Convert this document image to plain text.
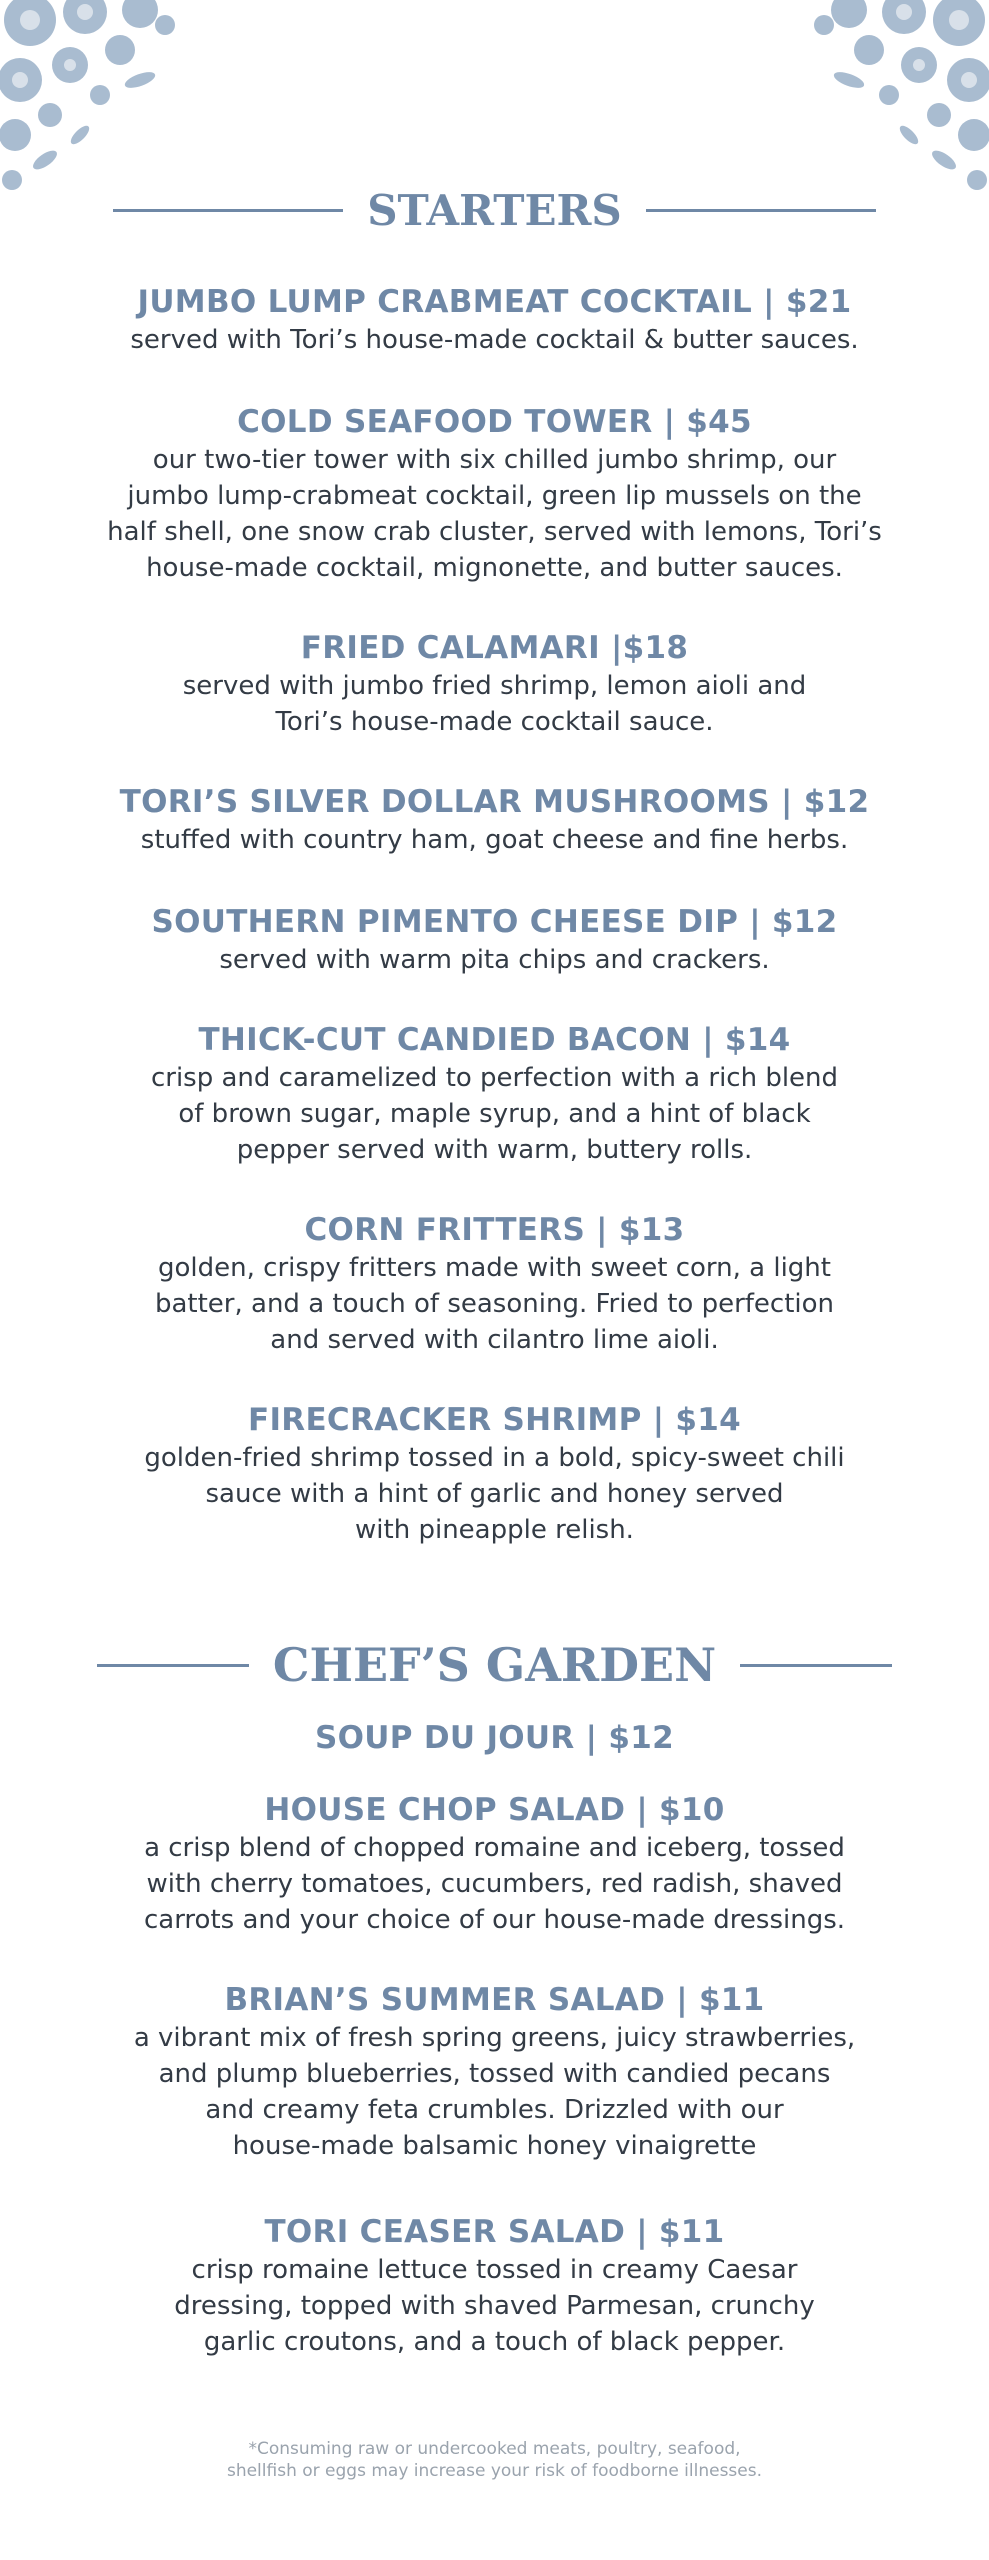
STARTERS
JUMBO LUMP CRABMEAT COCKTAIL | $21
served with Tori’s house-made cocktail & butter sauces.
COLD SEAFOOD TOWER | $45
our two-tier tower with six chilled jumbo shrimp, our
jumbo lump-crabmeat cocktail, green lip mussels on the
half shell, one snow crab cluster, served with lemons, Tori’s
house-made cocktail, mignonette, and butter sauces.
FRIED CALAMARI |$18
served with jumbo fried shrimp, lemon aioli and
Tori’s house-made cocktail sauce.
TORI’S SILVER DOLLAR MUSHROOMS | $12
stuffed with country ham, goat cheese and fine herbs.
SOUTHERN PIMENTO CHEESE DIP | $12
served with warm pita chips and crackers.
THICK-CUT CANDIED BACON | $14
crisp and caramelized to perfection with a rich blend
of brown sugar, maple syrup, and a hint of black
pepper served with warm, buttery rolls.
CORN FRITTERS | $13
golden, crispy fritters made with sweet corn, a light
batter, and a touch of seasoning. Fried to perfection
and served with cilantro lime aioli.
FIRECRACKER SHRIMP | $14
golden-fried shrimp tossed in a bold, spicy-sweet chili
sauce with a hint of garlic and honey served
with pineapple relish.
CHEF’S GARDEN
SOUP DU JOUR | $12
HOUSE CHOP SALAD | $10
a crisp blend of chopped romaine and iceberg, tossed
with cherry tomatoes, cucumbers, red radish, shaved
carrots and your choice of our house-made dressings.
BRIAN’S SUMMER SALAD | $11
a vibrant mix of fresh spring greens, juicy strawberries,
and plump blueberries, tossed with candied pecans
and creamy feta crumbles. Drizzled with our
house-made balsamic honey vinaigrette
TORI CEASER SALAD | $11
crisp romaine lettuce tossed in creamy Caesar
dressing, topped with shaved Parmesan, crunchy
garlic croutons, and a touch of black pepper.
*Consuming raw or undercooked meats, poultry, seafood,
shellfish or eggs may increase your risk of foodborne illnesses.
